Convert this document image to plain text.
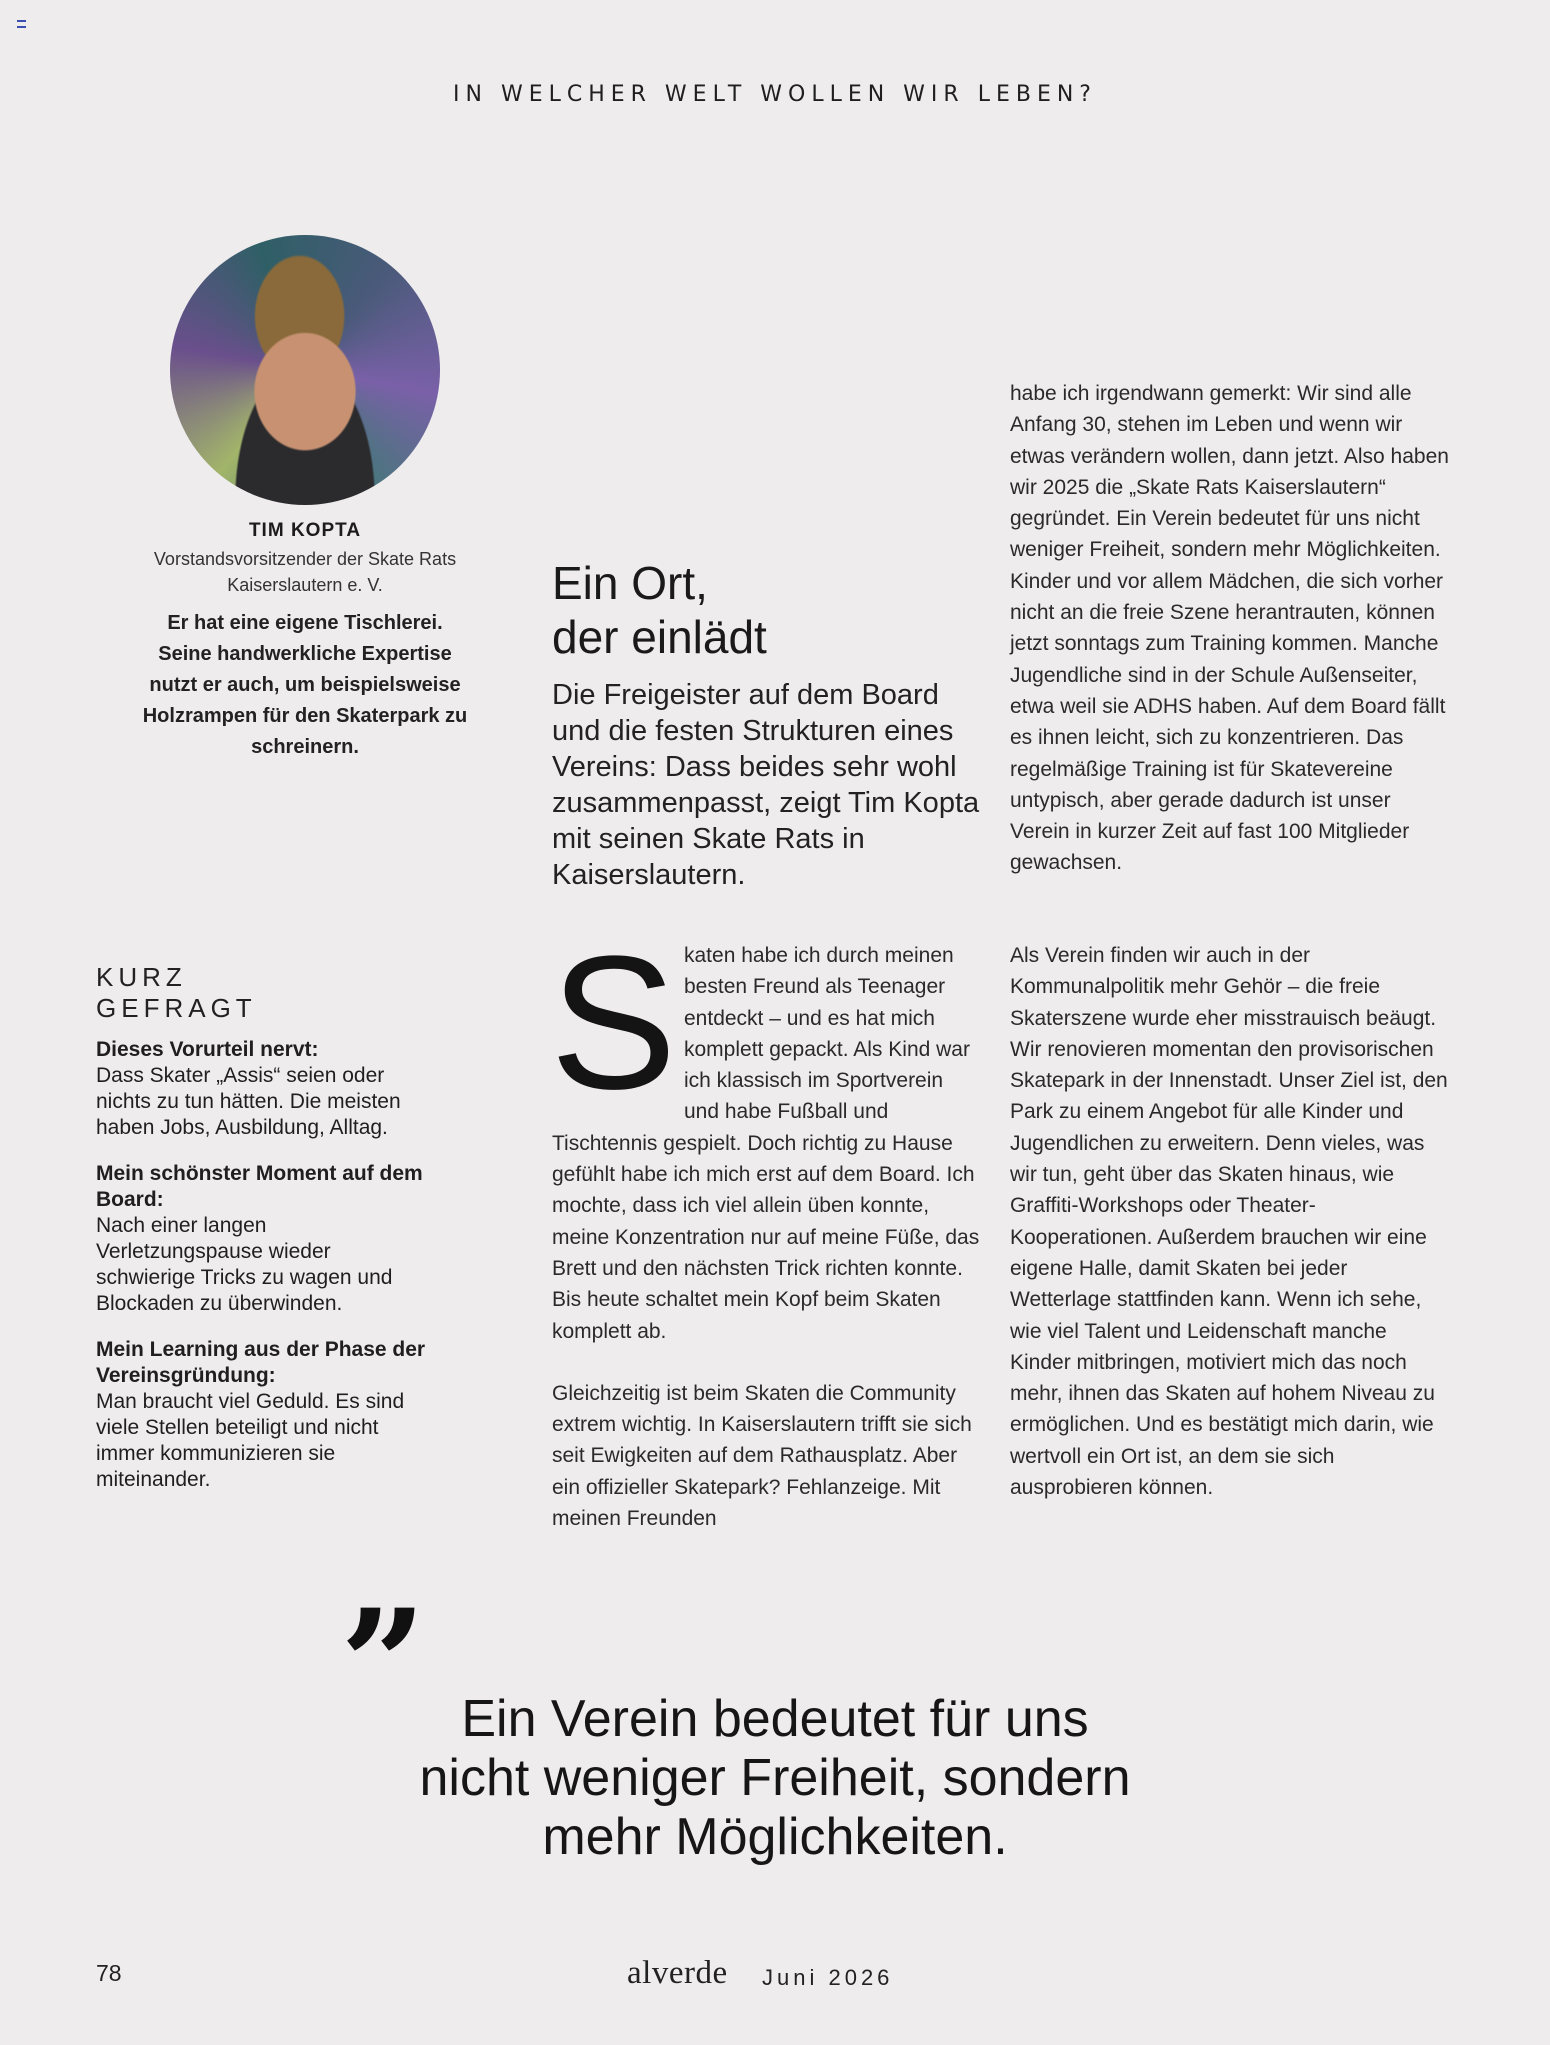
IN WELCHER WELT WOLLEN WIR LEBEN?
TIM KOPTA
Vorstandsvorsitzender der Skate Rats Kaiserslautern e. V.
Er hat eine eigene Tischlerei. Seine handwerkliche Expertise nutzt er auch, um beispielsweise Holzrampen für den Skaterpark zu schreinern.
Ein Ort,
der einlädt
Die Freigeister auf dem Board und die festen Strukturen eines Vereins: Dass beides sehr wohl zusammenpasst, zeigt Tim Kopta mit seinen Skate Rats in Kaiserslautern.

Skaten habe ich durch meinen besten Freund als Teenager entdeckt – und es hat mich komplett gepackt. Als Kind war ich klassisch im Sportverein und habe Fußball und Tischtennis gespielt. Doch richtig zu Hause gefühlt habe ich mich erst auf dem Board. Ich mochte, dass ich viel allein üben konnte, meine Konzentration nur auf meine Füße, das Brett und den nächsten Trick richten konnte. Bis heute schaltet mein Kopf beim Skaten komplett ab.

Gleichzeitig ist beim Skaten die Community extrem wichtig. In Kaiserslautern trifft sie sich seit Ewigkeiten auf dem Rathausplatz. Aber ein offizieller Skatepark? Fehlanzeige. Mit meinen Freunden

habe ich irgendwann gemerkt: Wir sind alle Anfang 30, stehen im Leben und wenn wir etwas verändern wollen, dann jetzt. Also haben wir 2025 die „Skate Rats Kaiserslautern“ gegründet. Ein Verein bedeutet für uns nicht weniger Freiheit, sondern mehr Möglichkeiten. Kinder und vor allem Mädchen, die sich vorher nicht an die freie Szene herantrauten, können jetzt sonntags zum Training kommen. Manche Jugendliche sind in der Schule Außenseiter, etwa weil sie ADHS haben. Auf dem Board fällt es ihnen leicht, sich zu konzentrieren. Das regelmäßige Training ist für Skatevereine untypisch, aber gerade dadurch ist unser Verein in kurzer Zeit auf fast 100 Mitglieder gewachsen.

Als Verein finden wir auch in der Kommunalpolitik mehr Gehör – die freie Skaterszene wurde eher misstrauisch beäugt. Wir renovieren momentan den provisorischen Skatepark in der Innenstadt. Unser Ziel ist, den Park zu einem Angebot für alle Kinder und Jugendlichen zu erweitern. Denn vieles, was wir tun, geht über das Skaten hinaus, wie Graffiti-Workshops oder Theater-Kooperationen. Außerdem brauchen wir eine eigene Halle, damit Skaten bei jeder Wetterlage stattfinden kann. Wenn ich sehe, wie viel Talent und Leidenschaft manche Kinder mitbringen, motiviert mich das noch mehr, ihnen das Skaten auf hohem Niveau zu ermöglichen. Und es bestätigt mich darin, wie wertvoll ein Ort ist, an dem sie sich ausprobieren können.

KURZ
GEFRAGT
Dieses Vorurteil nervt:
Dass Skater „Assis“ seien oder nichts zu tun hätten. Die meisten haben Jobs, Ausbildung, Alltag.
Mein schönster Moment auf dem Board:
Nach einer langen Verletzungspause wieder schwierige Tricks zu wagen und Blockaden zu überwinden.
Mein Learning aus der Phase der Vereinsgründung:
Man braucht viel Geduld. Es sind viele Stellen beteiligt und nicht immer kommunizieren sie miteinander.
” Ein Verein bedeutet für uns
nicht weniger Freiheit, sondern
mehr Möglichkeiten.
78	alverde Juni 2026
